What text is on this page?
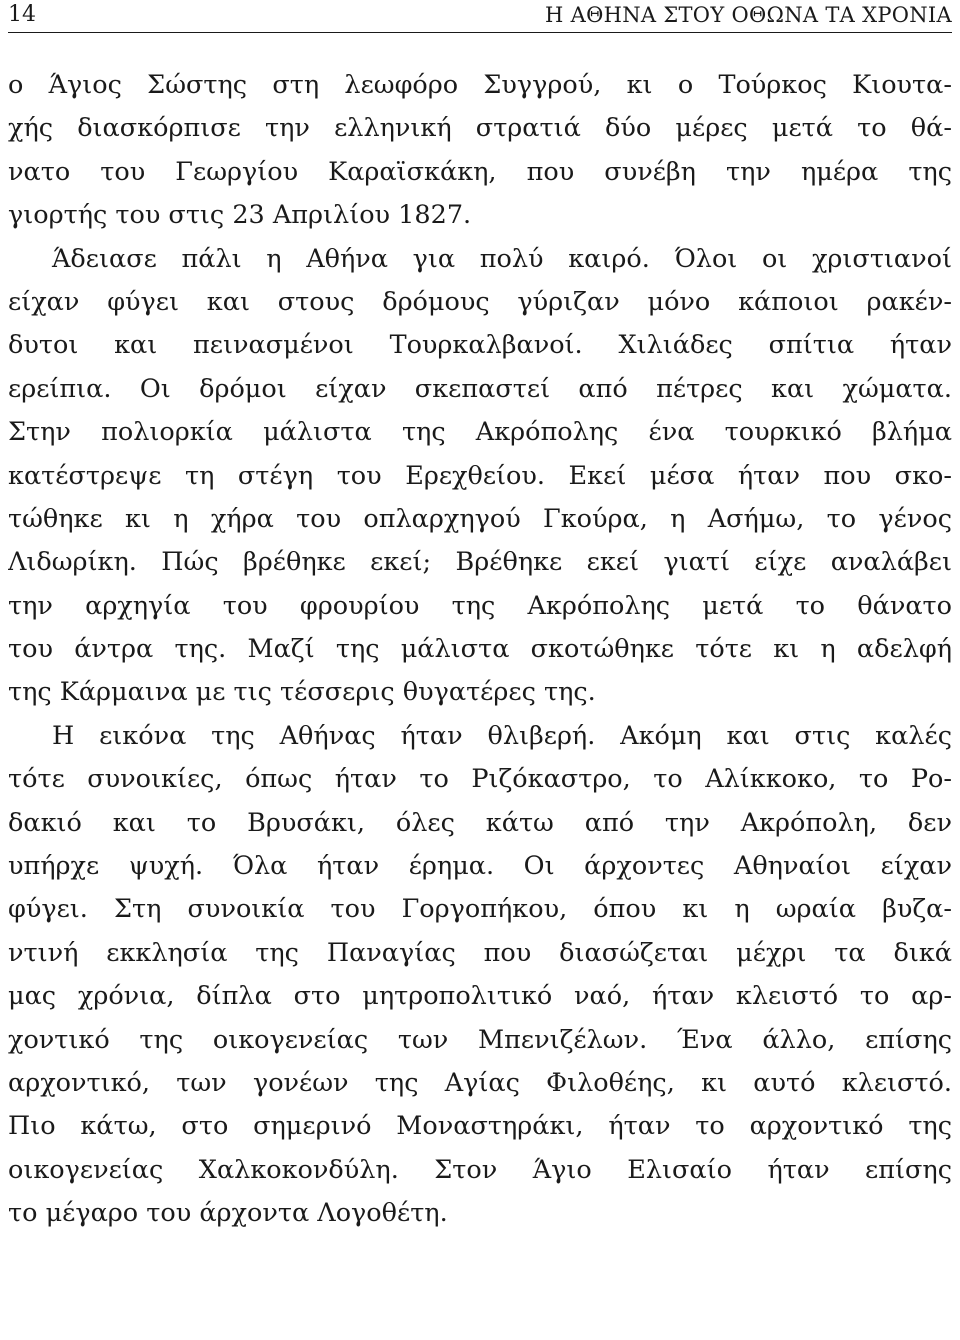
14	Η ΑΘΗΝΑ ΣΤΟΥ ΟΘΩΝΑ ΤΑ ΧΡΟΝΙΑ
ο Άγιος Σώστης στη λεωφόρο Συγγρού, κι ο Τούρκος Κιουτα-
χής διασκόρπισε την ελληνική στρατιά δύο μέρες μετά το θά-
νατο του Γεωργίου Καραϊσκάκη, που συνέβη την ημέρα της
γιορτής του στις 23 Απριλίου 1827.
Άδειασε πάλι η Αθήνα για πολύ καιρό. Όλοι οι χριστιανοί
είχαν φύγει και στους δρόμους γύριζαν μόνο κάποιοι ρακέν-
δυτοι και πεινασμένοι Τουρκαλβανοί. Χιλιάδες σπίτια ήταν
ερείπια. Οι δρόμοι είχαν σκεπαστεί από πέτρες και χώματα.
Στην πολιορκία μάλιστα της Ακρόπολης ένα τουρκικό βλήμα
κατέστρεψε τη στέγη του Ερεχθείου. Εκεί μέσα ήταν που σκο-
τώθηκε κι η χήρα του οπλαρχηγού Γκούρα, η Ασήμω, το γένος
Λιδωρίκη. Πώς βρέθηκε εκεί; Βρέθηκε εκεί γιατί είχε αναλάβει
την αρχηγία του φρουρίου της Ακρόπολης μετά το θάνατο
του άντρα της. Μαζί της μάλιστα σκοτώθηκε τότε κι η αδελφή
της Κάρμαινα με τις τέσσερις θυγατέρες της.
Η εικόνα της Αθήνας ήταν θλιβερή. Ακόμη και στις καλές
τότε συνοικίες, όπως ήταν το Ριζόκαστρο, το Αλίκκοκο, το Ρο-
δακιό και το Βρυσάκι, όλες κάτω από την Ακρόπολη, δεν
υπήρχε ψυχή. Όλα ήταν έρημα. Οι άρχοντες Αθηναίοι είχαν
φύγει. Στη συνοικία του Γοργοπήκου, όπου κι η ωραία βυζα-
ντινή εκκλησία της Παναγίας που διασώζεται μέχρι τα δικά
μας χρόνια, δίπλα στο μητροπολιτικό ναό, ήταν κλειστό το αρ-
χοντικό της οικογενείας των Μπενιζέλων. Ένα άλλο, επίσης
αρχοντικό, των γονέων της Αγίας Φιλοθέης, κι αυτό κλειστό.
Πιο κάτω, στο σημερινό Μοναστηράκι, ήταν το αρχοντικό της
οικογενείας Χαλκοκονδύλη. Στον Άγιο Ελισαίο ήταν επίσης
το μέγαρο του άρχοντα Λογοθέτη.
